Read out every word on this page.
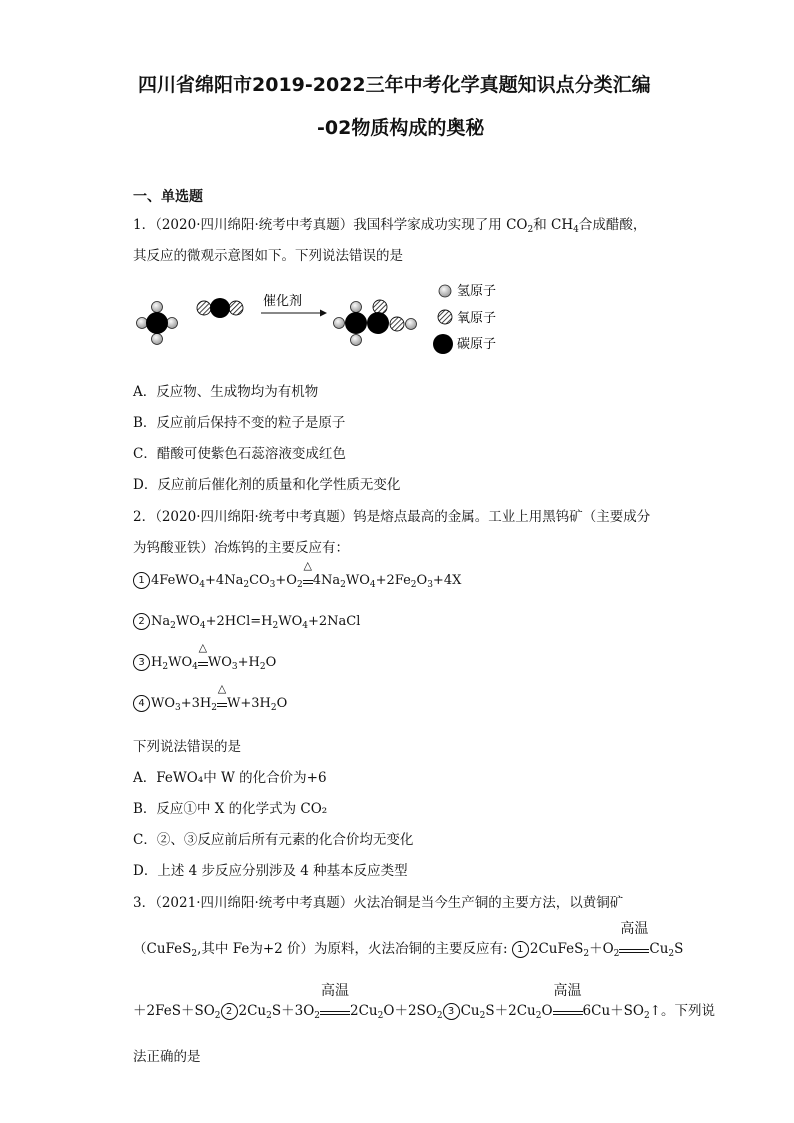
四川省绵阳市2019-2022三年中考化学真题知识点分类汇编
-02物质构成的奥秘
一、单选题
1．（2020·四川绵阳·统考中考真题）我国科学家成功实现了用 $CO_2$和 $CH_4$合成醋酸，
其反应的微观示意图如下。下列说法错误的是
催化剂
氢原子
氧原子
碳原子
A．反应物、生成物均为有机物
B．反应前后保持不变的粒子是原子
C．醋酸可使紫色石蕊溶液变成红色
D．反应前后催化剂的质量和化学性质无变化
2．（2020·四川绵阳·统考中考真题）钨是熔点最高的金属。工业上用黑钨矿（主要成分
为钨酸亚铁）冶炼钨的主要反应有：
1 $4FeWO_4+4Na_2CO_3+O_2$
△
$4Na_2WO_4+2Fe_2O_3+4X$
2 $Na_2WO_4+2HCl=H_2WO_4+2NaCl$
3 $H_2WO_4$
△
$WO_3+H_2O$
4 $WO_3+3H_2$
△
$W+3H_2O$
下列说法错误的是
A．FeWO₄中 W 的化合价为+6
B．反应①中 X 的化学式为 CO₂
C．②、③反应前后所有元素的化合价均无变化
D．上述 4 步反应分别涉及 4 种基本反应类型
3．（2021·四川绵阳·统考中考真题）火法冶铜是当今生产铜的主要方法，以黄铜矿
（CuFeS$_2$,其中 Fe为+2 价）为原料，火法冶铜的主要反应有: 1 $2CuFeS_2+O_2$
高温
$Cu_2S$
$+2FeS+SO_2$ 2 $2Cu_2S+3O_2$
高温
$2Cu_2O+2SO_2$ 3 $Cu_2S+2Cu_2O$
高温
$6Cu+SO_2↑$。下列说
法正确的是
